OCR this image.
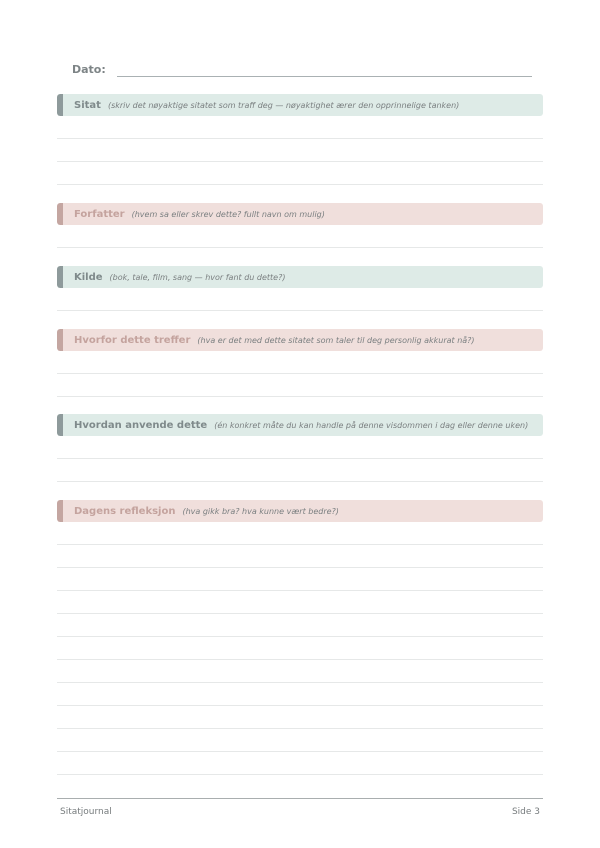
Dato:
Sitat (skriv det nøyaktige sitatet som traff deg — nøyaktighet ærer den opprinnelige tanken)
Forfatter (hvem sa eller skrev dette? fullt navn om mulig)
Kilde (bok, tale, film, sang — hvor fant du dette?)
Hvorfor dette treffer (hva er det med dette sitatet som taler til deg personlig akkurat nå?)
Hvordan anvende dette (én konkret måte du kan handle på denne visdommen i dag eller denne uken)
Dagens refleksjon (hva gikk bra? hva kunne vært bedre?)
Sitatjournal	Side 3
